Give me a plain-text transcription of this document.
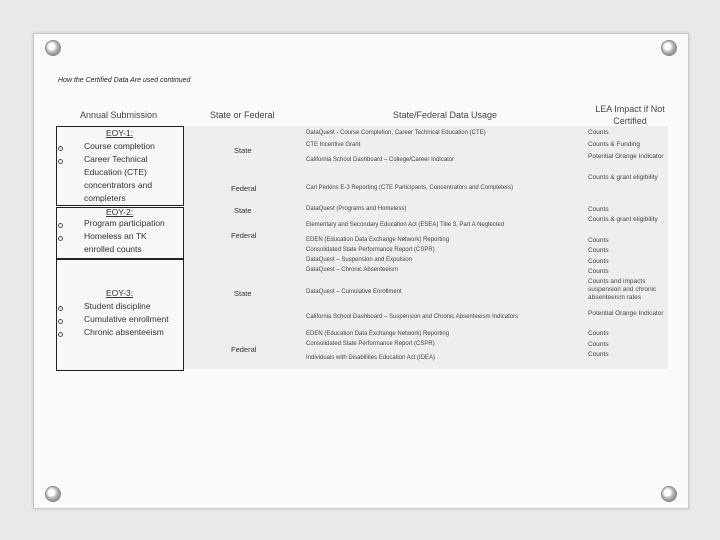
How the Certified Data Are used continued
Annual Submission	State or Federal	State/Federal Data Usage
LEA Impact if Not Certified
EOY-1:
Course completion
Career Technical
Education (CTE)
concentrators and
completers
EOY-2:
Program participation
Homeless an TK
enrolled counts
EOY-3:
Student discipline
Cumulative enrollment
Chronic absenteeism
State
Federal
State
Federal
State
Federal
DataQuest - Course Completion, Career Technical Education (CTE)
CTE Incentive Grant
California School Dashboard – College/Career Indicator
Carl Perkins E-3 Reporting (CTE Participants, Concentrators and Completers)
DataQuest (Programs and Homeless)
Elementary and Secondary Education Act (ESEA) Title 3, Part A Neglected
EDEN (Education Data Exchange Network) Reporting
Consolidated State Performance Report (CSPR)
DataQuest – Suspension and Expulsion
DataQuest – Chronic Absenteeism
DataQuest – Cumulative Enrollment
California School Dashboard – Suspension and Chronic Absenteeism Indicators
EDEN (Education Data Exchange Network) Reporting
Consolidated State Performance Report (CSPR)
Individuals with Disabilities Education Act (IDEA)
Counts
Counts & Funding
Potential Orange Indicator
Counts & grant eligibility
Counts
Counts & grant eligibility
Counts
Counts
Counts
Counts
Counts and impacts suspension and chronic absenteeism rates
Potential Orange Indicator
Counts
Counts
Counts
